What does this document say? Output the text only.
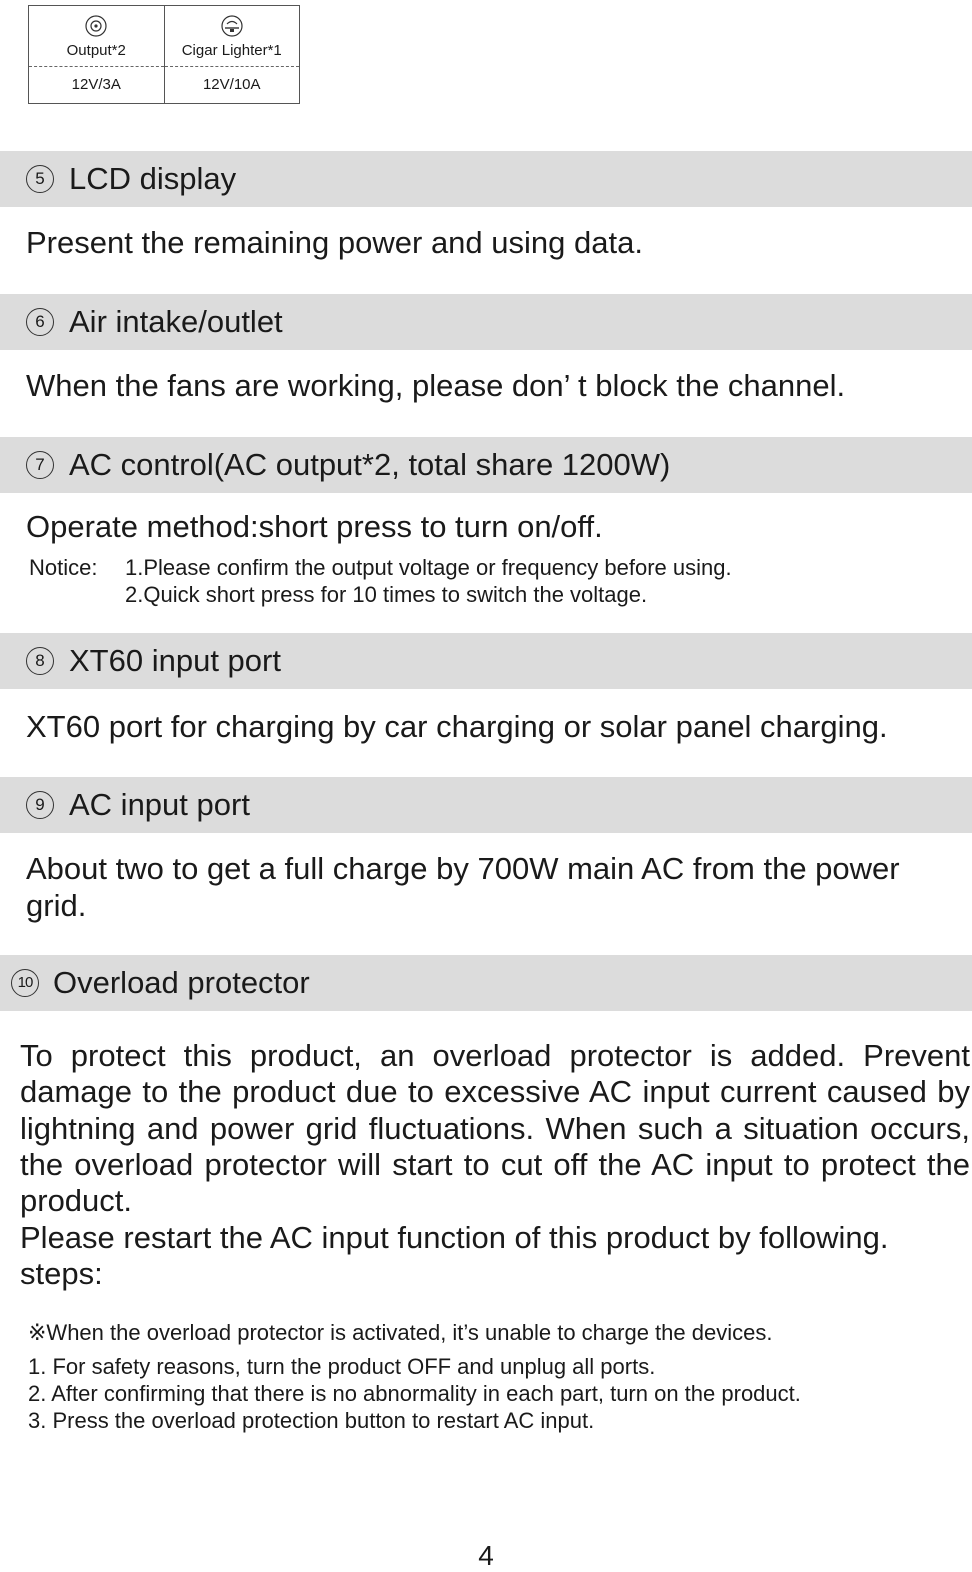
Output*2
12V/3A
Cigar Lighter*1
12V/10A
5 LCD display
Present the remaining power and using data.
6 Air intake/outlet
When the fans are working, please don’ t block the channel.
7 AC control(AC output*2, total share 1200W)
Operate method:short press to turn on/off.
Notice: 1.Please confirm the output voltage or frequency before using.
2.Quick short press for 10 times to switch the voltage.
8 XT60 input port
XT60 port for charging by car charging or solar panel charging.
9 AC input port
About two to get a full charge by 700W main AC from the power
grid.
10 Overload protector

To protect this product, an overload protector is added. Prevent damage to the product due to excessive AC input current caused by lightning and power grid fluctuations. When such a situation occurs, the overload protector will start to cut off the AC input to protect the product.

Please restart the AC input function of this product by following.
steps:
※When the overload protector is activated, it’s unable to charge the devices.
1. For safety reasons, turn the product OFF and unplug all ports.
2. After confirming that there is no abnormality in each part, turn on the product.
3. Press the overload protection button to restart AC input.
4
